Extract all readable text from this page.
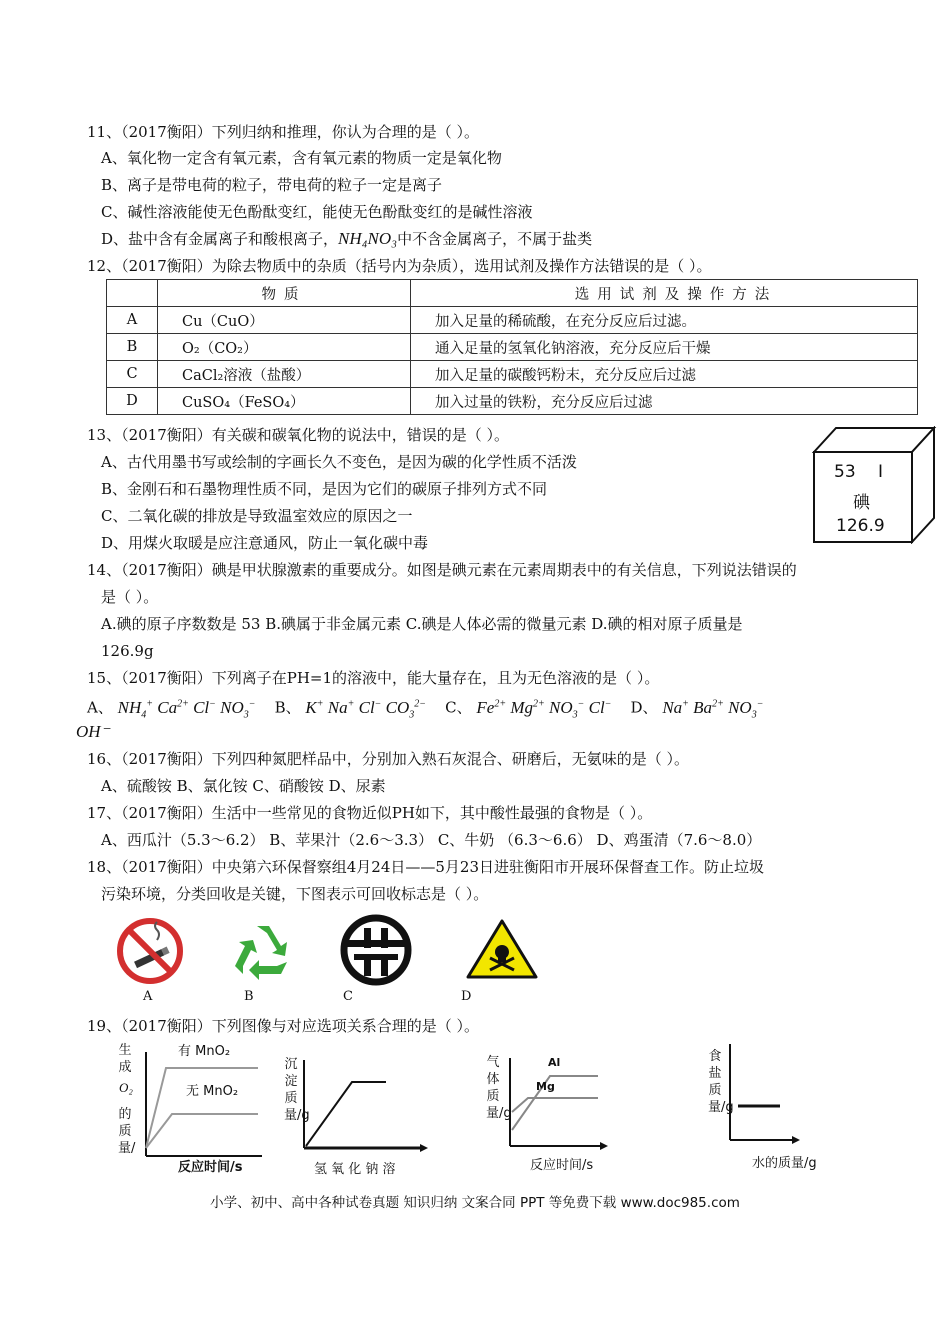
11、（2017衡阳）下列归纳和推理，你认为合理的是（ ）。
A、氧化物一定含有氧元素，含有氧元素的物质一定是氧化物
B、离子是带电荷的粒子，带电荷的粒子一定是离子
C、碱性溶液能使无色酚酞变红，能使无色酚酞变红的是碱性溶液
D、盐中含有金属离子和酸根离子，NH₄NO₃中不含金属离子，不属于盐类
12、（2017衡阳）为除去物质中的杂质（括号内为杂质），选用试剂及操作方法错误的是（ ）。
	物质	选用试剂及操作方法
A	Cu（CuO）	加入足量的稀硫酸，在充分反应后过滤。
B	O₂（CO₂）	通入足量的氢氧化钠溶液，充分反应后干燥
C	CaCl₂溶液（盐酸）	加入足量的碳酸钙粉末，充分反应后过滤
D	CuSO₄（FeSO₄）	加入过量的铁粉，充分反应后过滤
13、（2017衡阳）有关碳和碳氧化物的说法中，错误的是（ ）。
A、古代用墨书写或绘制的字画长久不变色，是因为碳的化学性质不活泼
B、金刚石和石墨物理性质不同，是因为它们的碳原子排列方式不同
C、二氧化碳的排放是导致温室效应的原因之一
D、用煤火取暖是应注意通风，防止一氧化碳中毒
53 I
碘
126.9
14、（2017衡阳）碘是甲状腺激素的重要成分。如图是碘元素在元素周期表中的有关信息，下列说法错误的
是（ ）。
A.碘的原子序数数是 53 B.碘属于非金属元素 C.碘是人体必需的微量元素 D.碘的相对原子质量是
126.9g
15、（2017衡阳）下列离子在PH=1的溶液中，能大量存在，且为无色溶液的是（ ）。
A、 $NH_4^+$ $Ca^{2+}$ Cl− $NO_3^-$ B、 K+ Na+ Cl− $CO_3^{2-}$ C、 $Fe^{2+}$ $Mg^{2+}$ $NO_3^-$ Cl− D、 Na+ $Ba^{2+}$ $NO_3^-$
OH⁻
16、（2017衡阳）下列四种氮肥样品中，分别加入熟石灰混合、研磨后，无氨味的是（ ）。
A、硫酸铵 B、氯化铵 C、硝酸铵 D、尿素
17、（2017衡阳）生活中一些常见的食物近似PH如下，其中酸性最强的食物是（ ）。
A、西瓜汁（5.3～6.2） B、苹果汁（2.6～3.3） C、牛奶 （6.3～6.6） D、鸡蛋清（7.6～8.0）
18、（2017衡阳）中央第六环保督察组4月24日——5月23日进驻衡阳市开展环保督查工作。防止垃圾
污染环境，分类回收是关键，下图表示可回收标志是（ ）。
A	B	C	D
19、（2017衡阳）下列图像与对应选项关系合理的是（ ）。
生成
O₂
的质量/
有 MnO₂
无 MnO₂
反应时间/s
沉淀质量/g
氢 氧 化 钠 溶
气体质量/g
Al
Mg
反应时间/s
食盐质量/g
水的质量/g
小学、初中、高中各种试卷真题 知识归纳 文案合同 PPT 等免费下载 www.doc985.com
